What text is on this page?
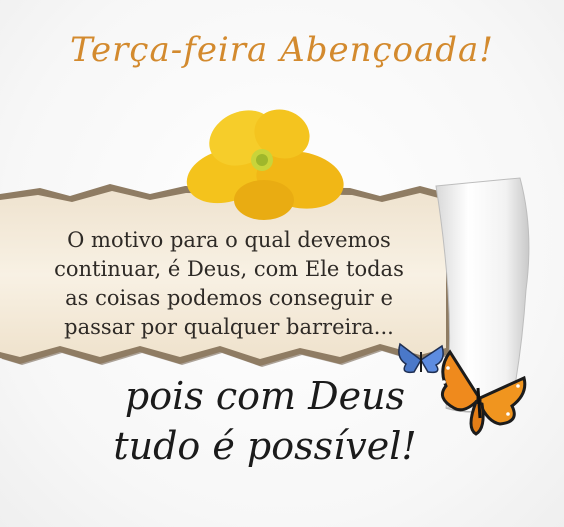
Terça-feira Abençoada!

O motivo para o qual devemos
continuar, é Deus, com Ele todas
as coisas podemos conseguir e
passar por qualquer barreira...

pois com Deus
tudo é possível!
